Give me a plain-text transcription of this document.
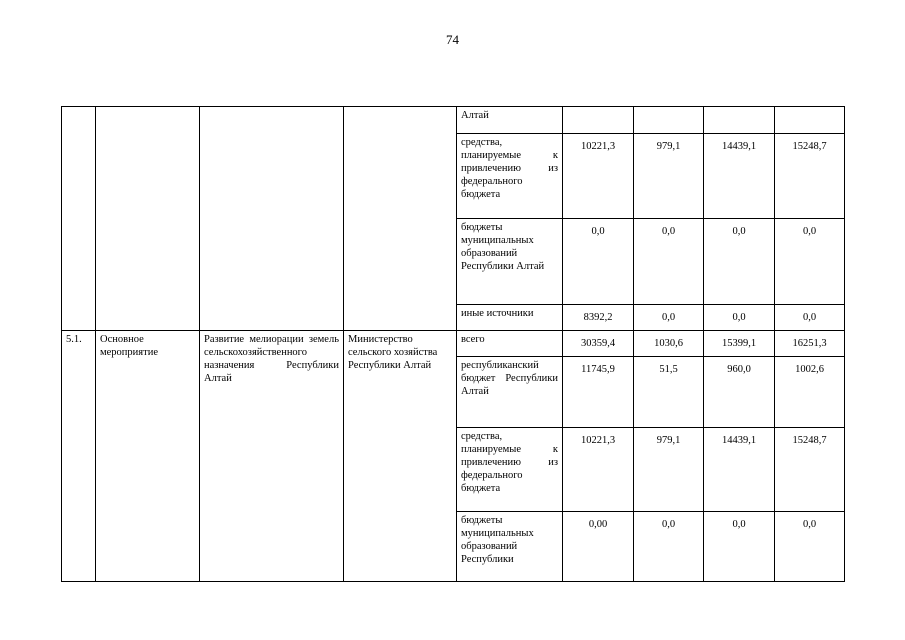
74
				Алтай				
				средства, планируемые к привлечению из федерального бюджета	10221,3	979,1	14439,1	15248,7
				бюджеты муниципальных образований Республики Алтай	0,0	0,0	0,0	0,0
				иные источники	8392,2	0,0	0,0	0,0
5.1.	Основное мероприятие	Развитие мелиорации земель сельскохозяйственного назначения Республики Алтай	Министерство сельского хозяйства Республики Алтай	всего	30359,4	1030,6	15399,1	16251,3
				республиканский бюджет Республики Алтай	11745,9	51,5	960,0	1002,6
				средства, планируемые к привлечению из федерального бюджета	10221,3	979,1	14439,1	15248,7
				бюджеты муниципальных образований Республики	0,00	0,0	0,0	0,0
